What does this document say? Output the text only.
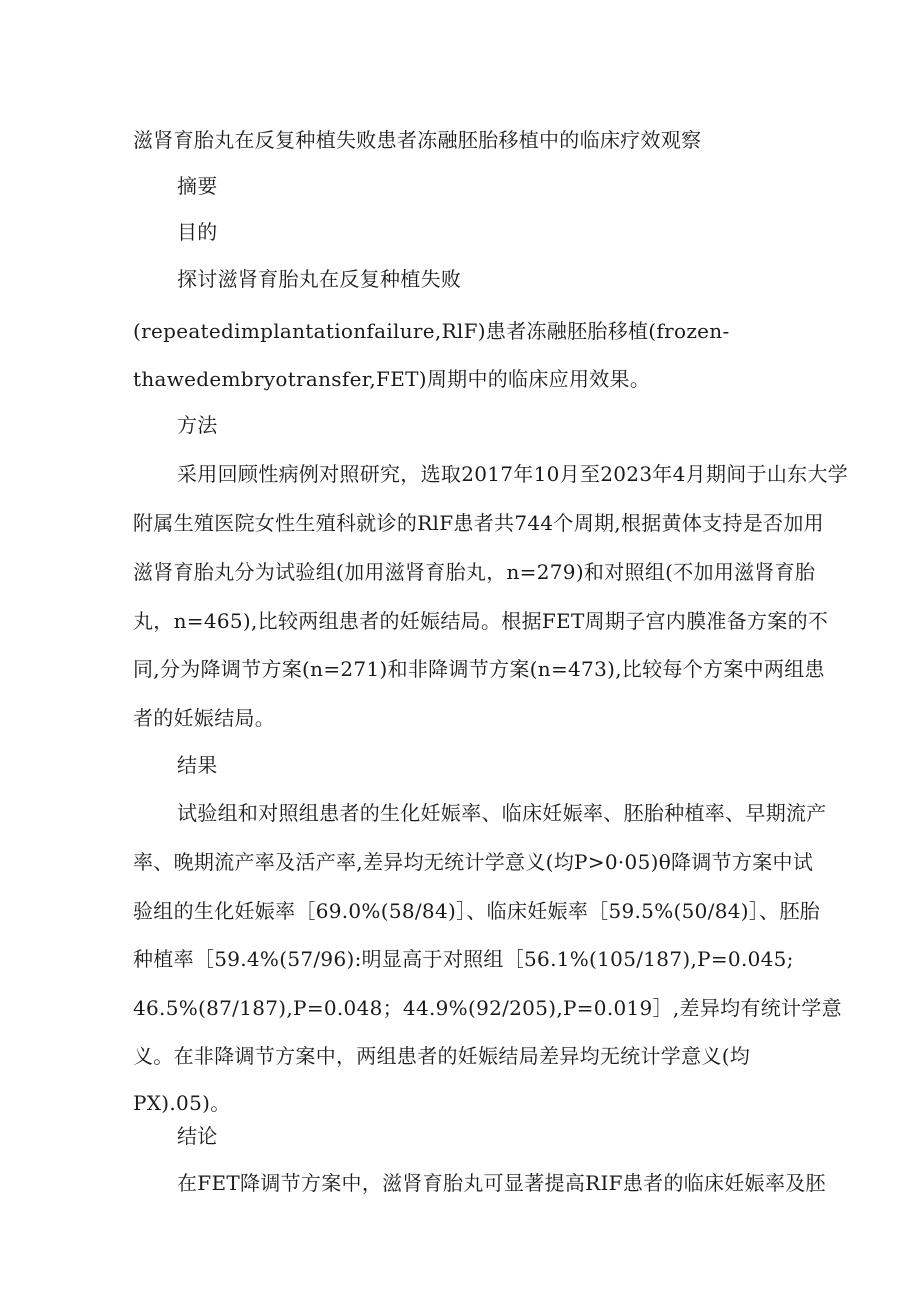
滋肾育胎丸在反复种植失败患者冻融胚胎移植中的临床疗效观察
摘要
目的
探讨滋肾育胎丸在反复种植失败
(repeatedimplantationfailure,RlF)患者冻融胚胎移植(frozen-
thawedembryotransfer,FET)周期中的临床应用效果。
方法
采用回顾性病例对照研究，选取2017年10月至2023年4月期间于山东大学
附属生殖医院女性生殖科就诊的RlF患者共744个周期,根据黄体支持是否加用
滋肾育胎丸分为试验组(加用滋肾育胎丸，n=279)和对照组(不加用滋肾育胎
丸，n=465),比较两组患者的妊娠结局。根据FET周期子宫内膜准备方案的不
同,分为降调节方案(n=271)和非降调节方案(n=473),比较每个方案中两组患
者的妊娠结局。
结果
试验组和对照组患者的生化妊娠率、临床妊娠率、胚胎种植率、早期流产
率、晚期流产率及活产率,差异均无统计学意义(均P>0·05)θ降调节方案中试
验组的生化妊娠率［69.0%(58/84)］、临床妊娠率［59.5%(50/84)］、胚胎
种植率［59.4%(57/96):明显高于对照组［56.1%(105/187),P=0.045;
46.5%(87/187),P=0.048；44.9%(92/205),P=0.019］,差异均有统计学意
义。在非降调节方案中，两组患者的妊娠结局差异均无统计学意义(均
PX).05)。
结论
在FET降调节方案中，滋肾育胎丸可显著提高RIF患者的临床妊娠率及胚
